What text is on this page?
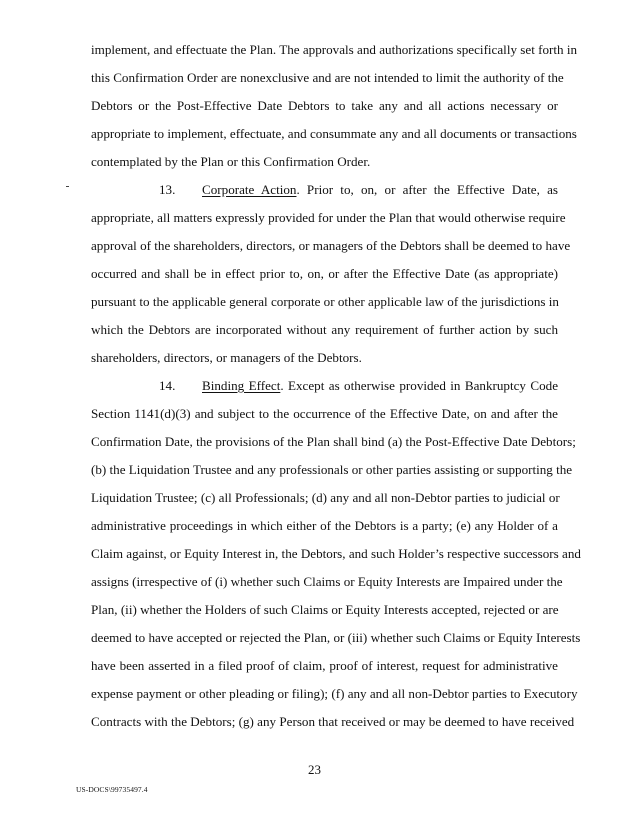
implement, and effectuate the Plan. The approvals and authorizations specifically set forth in
this Confirmation Order are nonexclusive and are not intended to limit the authority of the
Debtors or the Post-Effective Date Debtors to take any and all actions necessary or
appropriate to implement, effectuate, and consummate any and all documents or transactions
contemplated by the Plan or this Confirmation Order.
13. Corporate Action. Prior to, on, or after the Effective Date, as
appropriate, all matters expressly provided for under the Plan that would otherwise require
approval of the shareholders, directors, or managers of the Debtors shall be deemed to have
occurred and shall be in effect prior to, on, or after the Effective Date (as appropriate)
pursuant to the applicable general corporate or other applicable law of the jurisdictions in
which the Debtors are incorporated without any requirement of further action by such
shareholders, directors, or managers of the Debtors.
14. Binding Effect. Except as otherwise provided in Bankruptcy Code
Section 1141(d)(3) and subject to the occurrence of the Effective Date, on and after the
Confirmation Date, the provisions of the Plan shall bind (a) the Post-Effective Date Debtors;
(b) the Liquidation Trustee and any professionals or other parties assisting or supporting the
Liquidation Trustee; (c) all Professionals; (d) any and all non-Debtor parties to judicial or
administrative proceedings in which either of the Debtors is a party; (e) any Holder of a
Claim against, or Equity Interest in, the Debtors, and such Holder’s respective successors and
assigns (irrespective of (i) whether such Claims or Equity Interests are Impaired under the
Plan, (ii) whether the Holders of such Claims or Equity Interests accepted, rejected or are
deemed to have accepted or rejected the Plan, or (iii) whether such Claims or Equity Interests
have been asserted in a filed proof of claim, proof of interest, request for administrative
expense payment or other pleading or filing); (f) any and all non-Debtor parties to Executory
Contracts with the Debtors; (g) any Person that received or may be deemed to have received
23
US-DOCS\99735497.4
